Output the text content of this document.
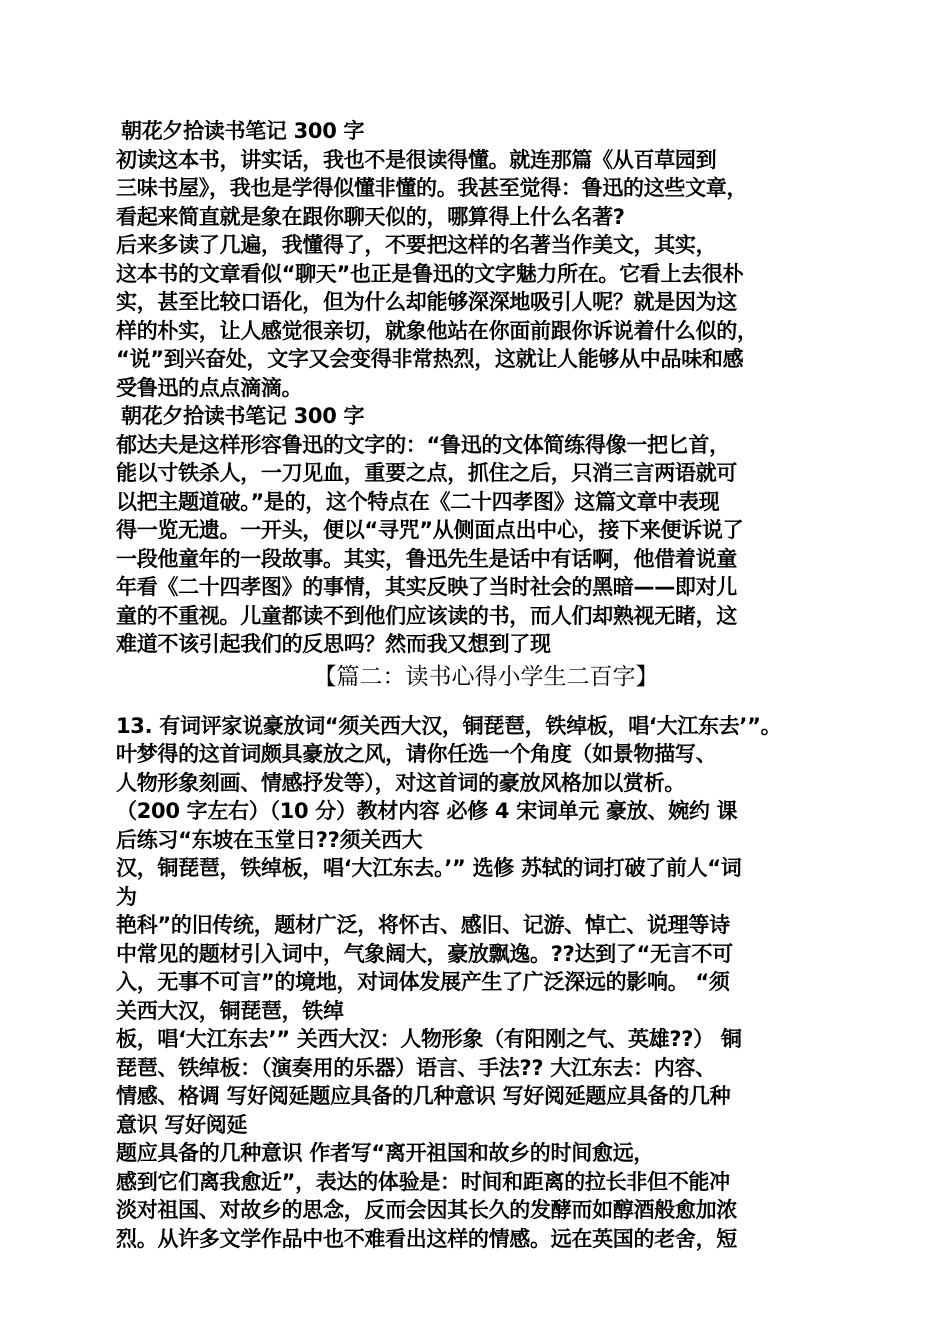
朝花夕拾读书笔记 300 字
初读这本书，讲实话，我也不是很读得懂。就连那篇《从百草园到
三味书屋》，我也是学得似懂非懂的。我甚至觉得：鲁迅的这些文章，
看起来简直就是象在跟你聊天似的，哪算得上什么名著?
后来多读了几遍，我懂得了，不要把这样的名著当作美文，其实，
这本书的文章看似“聊天”也正是鲁迅的文字魅力所在。它看上去很朴
实，甚至比较口语化，但为什么却能够深深地吸引人呢？就是因为这
样的朴实，让人感觉很亲切，就象他站在你面前跟你诉说着什么似的，
“说”到兴奋处，文字又会变得非常热烈，这就让人能够从中品味和感
受鲁迅的点点滴滴。
朝花夕拾读书笔记 300 字
郁达夫是这样形容鲁迅的文字的：“鲁迅的文体简练得像一把匕首，
能以寸铁杀人，一刀见血，重要之点，抓住之后，只消三言两语就可
以把主题道破。”是的，这个特点在《二十四孝图》这篇文章中表现
得一览无遗。一开头，便以“寻咒”从侧面点出中心，接下来便诉说了
一段他童年的一段故事。其实，鲁迅先生是话中有话啊，他借着说童
年看《二十四孝图》的事情，其实反映了当时社会的黑暗——即对儿
童的不重视。儿童都读不到他们应该读的书，而人们却熟视无睹，这
难道不该引起我们的反思吗？然而我又想到了现
【篇二：读书心得小学生二百字】
13. 有词评家说豪放词“须关西大汉，铜琵琶，铁绰板，唱‘大江东去’”。
叶梦得的这首词颇具豪放之风，请你任选一个角度（如景物描写、
人物形象刻画、情感抒发等），对这首词的豪放风格加以赏析。
（200 字左右）（10 分）教材内容 必修 4 宋词单元 豪放、婉约 课
后练习“东坡在玉堂日??须关西大
汉，铜琵琶，铁绰板，唱‘大江东去。’” 选修 苏轼的词打破了前人“词
为
艳科”的旧传统，题材广泛，将怀古、感旧、记游、悼亡、说理等诗
中常见的题材引入词中，气象阔大，豪放飘逸。??达到了“无言不可
入，无事不可言”的境地，对词体发展产生了广泛深远的影响。 “须
关西大汉，铜琵琶，铁绰
板，唱‘大江东去’” 关西大汉：人物形象（有阳刚之气、英雄??） 铜
琵琶、铁绰板：（演奏用的乐器）语言、手法?? 大江东去：内容、
情感、格调 写好阅延题应具备的几种意识 写好阅延题应具备的几种
意识 写好阅延
题应具备的几种意识 作者写“离开祖国和故乡的时间愈远，
感到它们离我愈近”，表达的体验是：时间和距离的拉长非但不能冲
淡对祖国、对故乡的思念，反而会因其长久的发酵而如醇酒般愈加浓
烈。从许多文学作品中也不难看出这样的情感。远在英国的老舍，短
